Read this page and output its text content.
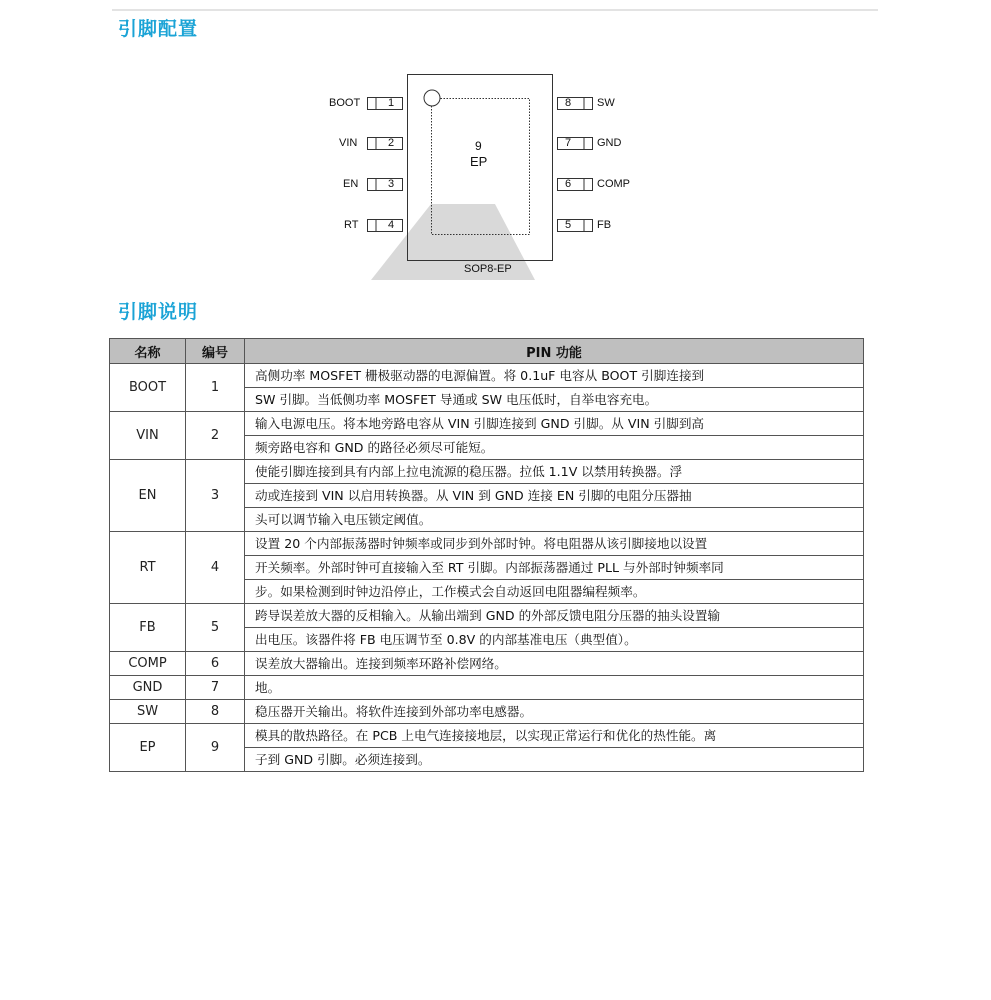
引脚配置
BOOT	1
VIN	2
EN	3
RT	4
8 SW
7 GND
6 COMP
5 FB
9
EP
SOP8-EP
引脚说明
名称	编号	PIN 功能
BOOT	1	高侧功率 MOSFET 栅极驱动器的电源偏置。将 0.1uF 电容从 BOOT 引脚连接到
SW 引脚。当低侧功率 MOSFET 导通或 SW 电压低时，自举电容充电。

VIN	2	输入电源电压。将本地旁路电容从 VIN 引脚连接到 GND 引脚。从 VIN 引脚到高
频旁路电容和 GND 的路径必须尽可能短。

EN	3	使能引脚连接到具有内部上拉电流源的稳压器。拉低 1.1V 以禁用转换器。浮
动或连接到 VIN 以启用转换器。从 VIN 到 GND 连接 EN 引脚的电阻分压器抽
头可以调节输入电压锁定阈值。

RT	4	设置 20 个内部振荡器时钟频率或同步到外部时钟。将电阻器从该引脚接地以设置
开关频率。外部时钟可直接输入至 RT 引脚。内部振荡器通过 PLL 与外部时钟频率同
步。如果检测到时钟边沿停止，工作模式会自动返回电阻器编程频率。

FB	5	跨导误差放大器的反相输入。从输出端到 GND 的外部反馈电阻分压器的抽头设置输
出电压。该器件将 FB 电压调节至 0.8V 的内部基准电压（典型值）。

COMP	6	误差放大器输出。连接到频率环路补偿网络。

GND	7	地。

SW	8	稳压器开关输出。将软件连接到外部功率电感器。

EP	9	模具的散热路径。在 PCB 上电气连接接地层，以实现正常运行和优化的热性能。离
子到 GND 引脚。必须连接到。
